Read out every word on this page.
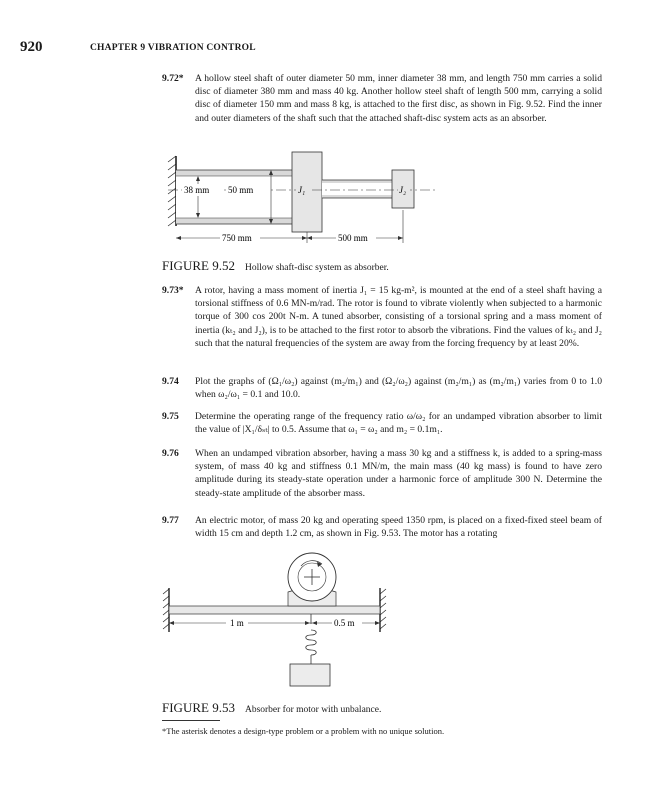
920	CHAPTER 9 VIBRATION CONTROL
9.72* A hollow steel shaft of outer diameter 50 mm, inner diameter 38 mm, and length 750 mm carries a solid disc of diameter 380 mm and mass 40 kg. Another hollow steel shaft of length 500 mm, carrying a solid disc of diameter 150 mm and mass 8 kg, is attached to the first disc, as shown in Fig. 9.52. Find the inner and outer diameters of the shaft such that the attached shaft-disc system acts as an absorber.
38 mm 50 mm	J₁	J₂
750 mm	500 mm
FIGURE 9.52 Hollow shaft-disc system as absorber.
9.73* A rotor, having a mass moment of inertia J₁ = 15 kg-m², is mounted at the end of a steel shaft having a torsional stiffness of 0.6 MN-m/rad. The rotor is found to vibrate violently when subjected to a harmonic torque of 300 cos 200t N-m. A tuned absorber, consisting of a torsional spring and a mass moment of inertia (kₜ₂ and J₂), is to be attached to the first rotor to absorb the vibrations. Find the values of kₜ₂ and J₂ such that the natural frequencies of the system are away from the forcing frequency by at least 20%.
9.74 Plot the graphs of (Ω₁/ω₂) against (m₂/m₁) and (Ω₂/ω₂) against (m₂/m₁) as (m₂/m₁) varies from 0 to 1.0 when ω₂/ω₁ = 0.1 and 10.0.
9.75 Determine the operating range of the frequency ratio ω/ω₂ for an undamped vibration absorber to limit the value of |X₁/δₛₜ| to 0.5. Assume that ω₁ = ω₂ and m₂ = 0.1m₁.
9.76 When an undamped vibration absorber, having a mass 30 kg and a stiffness k, is added to a spring-mass system, of mass 40 kg and stiffness 0.1 MN/m, the main mass (40 kg mass) is found to have zero amplitude during its steady-state operation under a harmonic force of amplitude 300 N. Determine the steady-state amplitude of the absorber mass.
9.77 An electric motor, of mass 20 kg and operating speed 1350 rpm, is placed on a fixed-fixed steel beam of width 15 cm and depth 1.2 cm, as shown in Fig. 9.53. The motor has a rotating
1 m	0.5 m
FIGURE 9.53 Absorber for motor with unbalance.
*The asterisk denotes a design-type problem or a problem with no unique solution.
